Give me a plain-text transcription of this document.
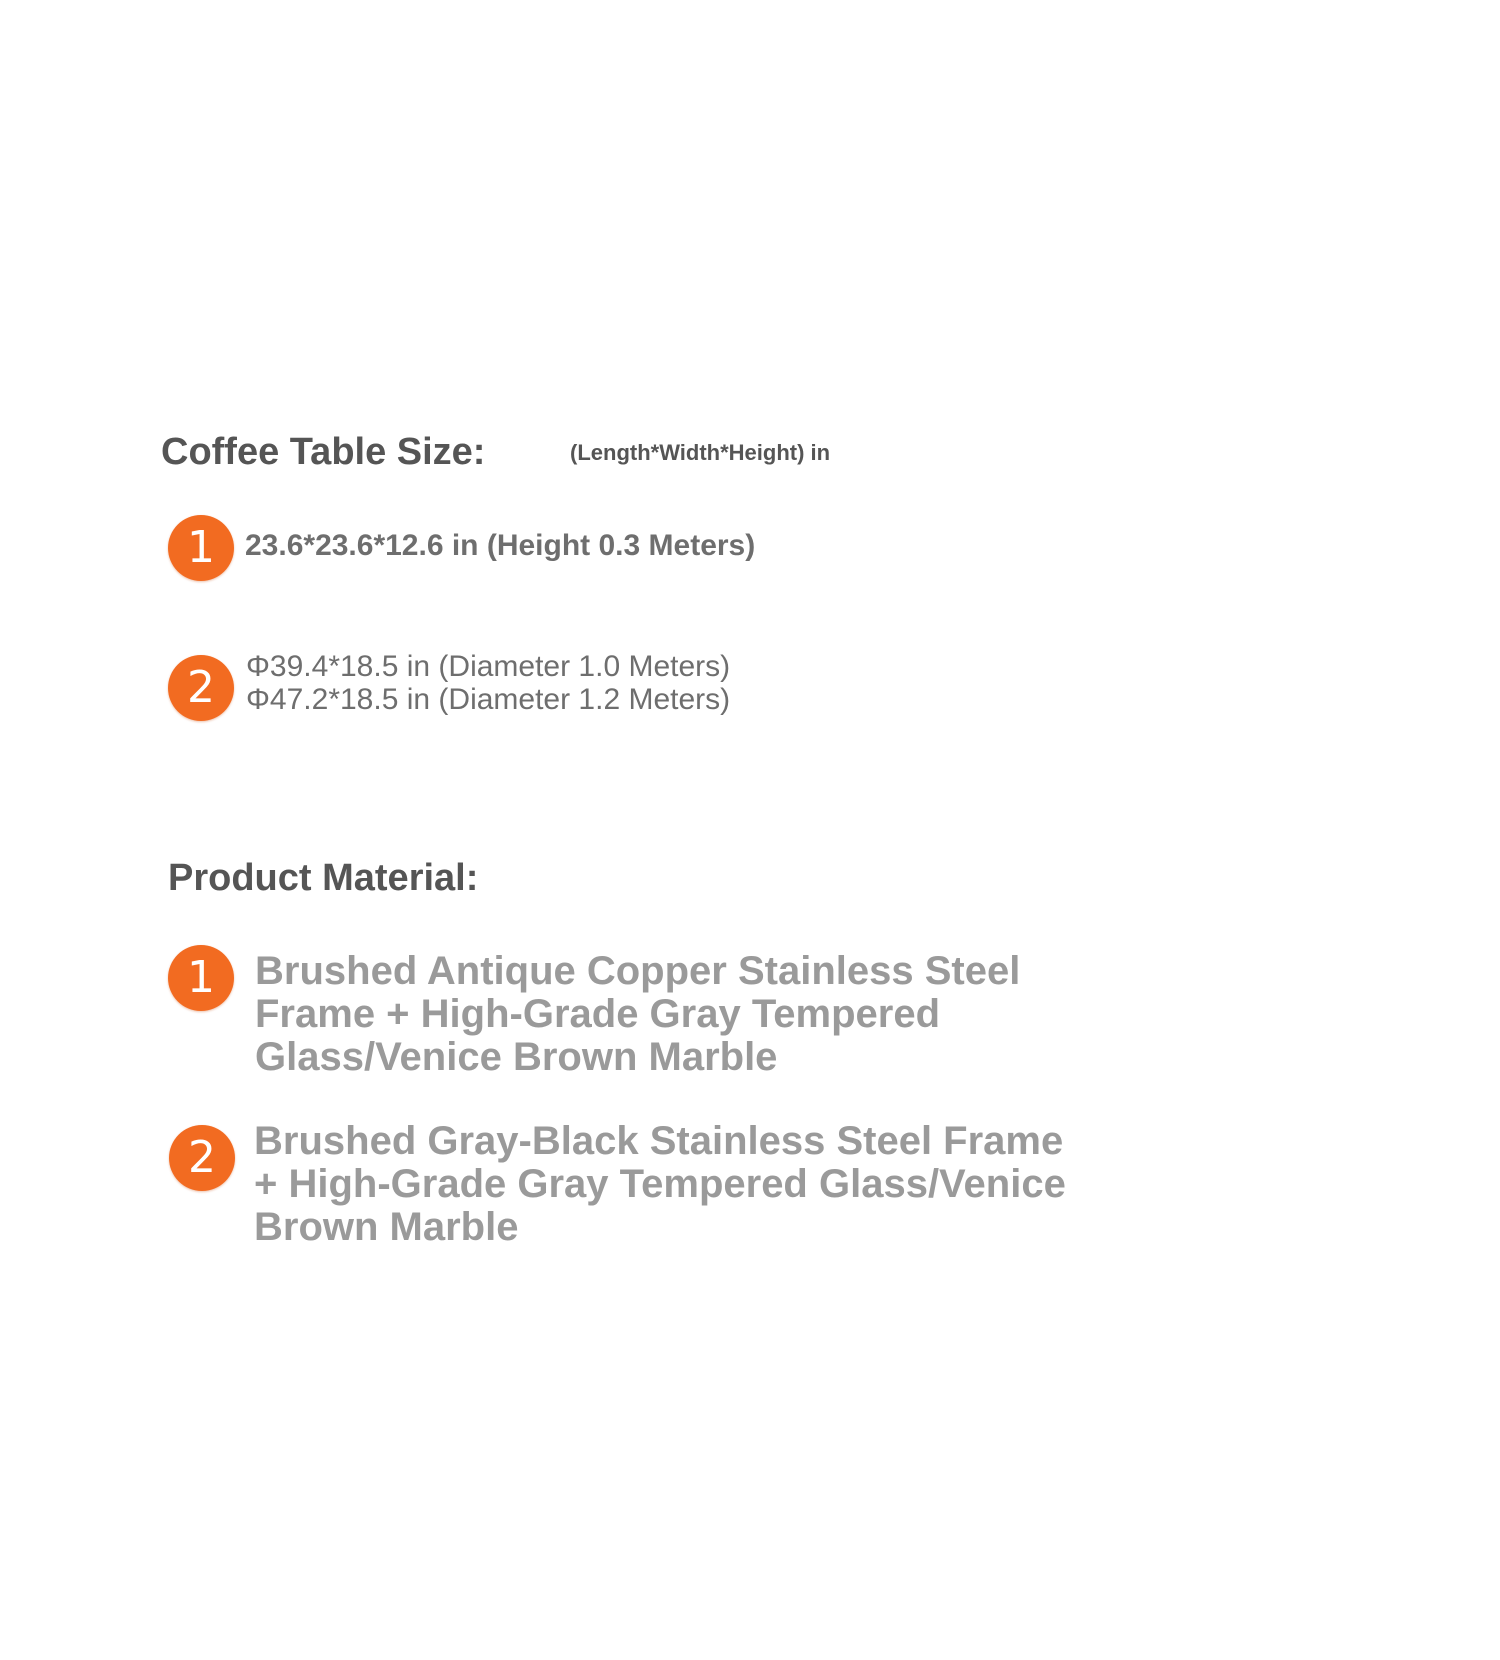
Coffee Table Size:	(Length*Width*Height) in
1	23.6*23.6*12.6 in (Height 0.3 Meters)
2	Φ39.4*18.5 in (Diameter 1.0 Meters)
Φ47.2*18.5 in (Diameter 1.2 Meters)
Product Material:
1	Brushed Antique Copper Stainless Steel Frame + High-Grade Gray Tempered Glass/Venice Brown Marble
2 Brushed Gray-Black Stainless Steel Frame + High-Grade Gray Tempered Glass/Venice Brown Marble
